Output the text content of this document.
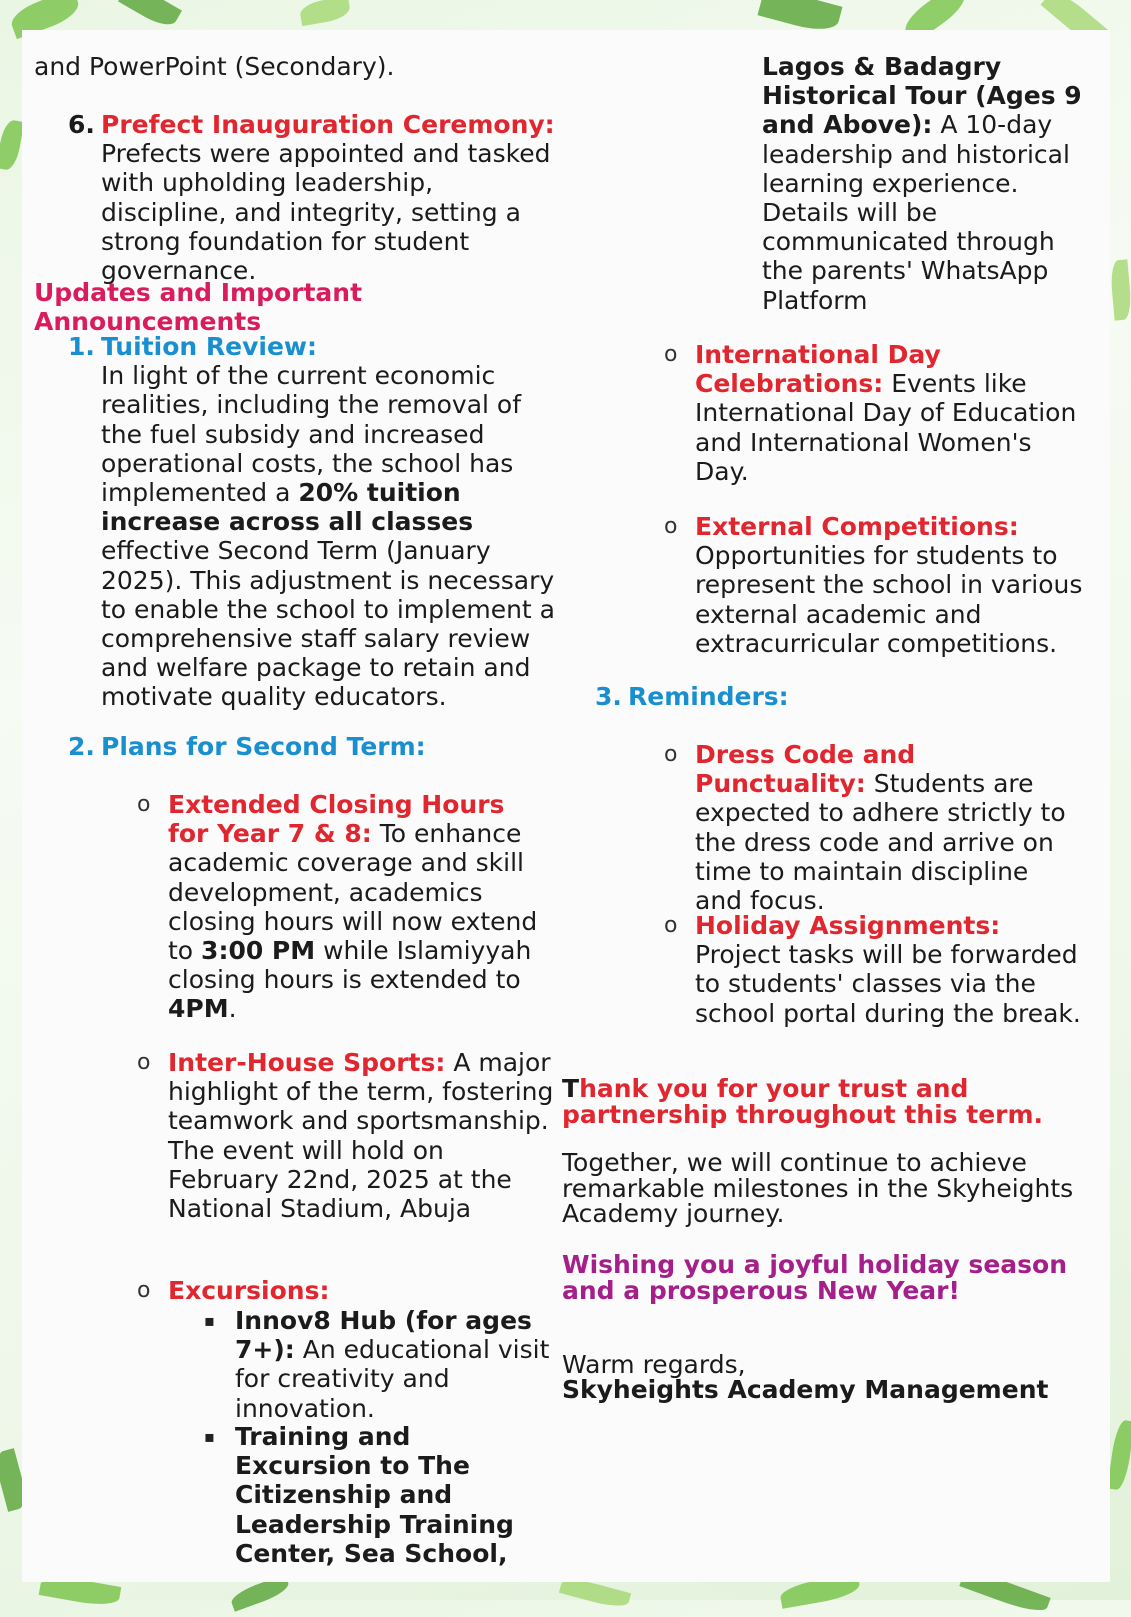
and PowerPoint (Secondary).

6. Prefect Inauguration Ceremony:
Prefects were appointed and tasked with upholding leadership, discipline, and integrity, setting a strong foundation for student governance.

Updates and Important Announcements

1. Tuition Review:
In light of the current economic realities, including the removal of the fuel subsidy and increased operational costs, the school has implemented a 20% tuition increase across all classes effective Second Term (January 2025). This adjustment is necessary to enable the school to implement a comprehensive staff salary review and welfare package to retain and motivate quality educators.

2. Plans for Second Term:

o Extended Closing Hours for Year 7 & 8: To enhance academic coverage and skill development, academics closing hours will now extend to 3:00 PM while Islamiyyah closing hours is extended to 4PM.

o Inter-House Sports: A major highlight of the term, fostering teamwork and sportsmanship. The event will hold on February 22nd, 2025 at the National Stadium, Abuja

o Excursions:

▪ Innov8 Hub (for ages 7+): An educational visit for creativity and innovation.

▪ Training and Excursion to The Citizenship and Leadership Training Center, Sea School,

Lagos & Badagry Historical Tour (Ages 9 and Above): A 10-day leadership and historical learning experience. Details will be communicated through the parents' WhatsApp Platform

o International Day Celebrations: Events like International Day of Education and International Women's Day.

o External Competitions: Opportunities for students to represent the school in various external academic and extracurricular competitions.

3. Reminders:

o Dress Code and Punctuality: Students are expected to adhere strictly to the dress code and arrive on time to maintain discipline and focus.

o Holiday Assignments: Project tasks will be forwarded to students' classes via the school portal during the break.

Thank you for your trust and partnership throughout this term.

Together, we will continue to achieve remarkable milestones in the Skyheights Academy journey.

Wishing you a joyful holiday season and a prosperous New Year!

Warm regards,

Skyheights Academy Management
